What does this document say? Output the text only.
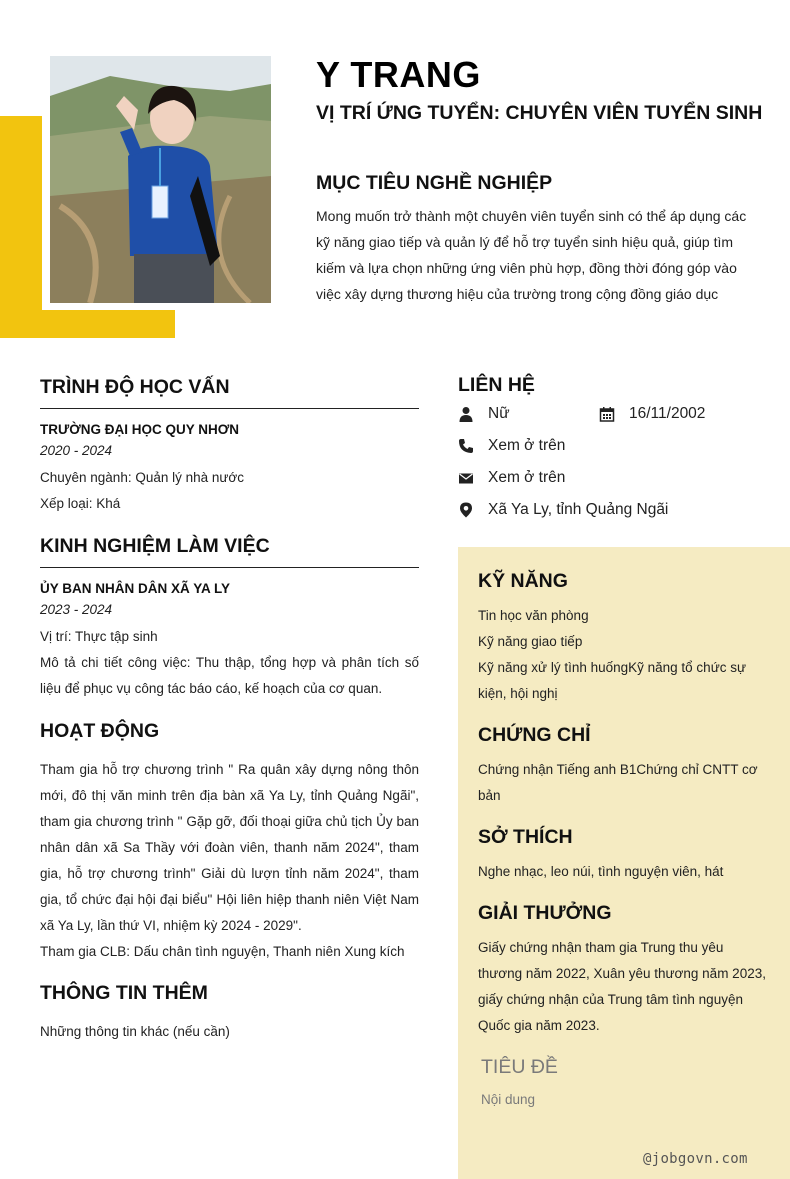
Y TRANG
VỊ TRÍ ỨNG TUYỂN: CHUYÊN VIÊN TUYỂN SINH
MỤC TIÊU NGHỀ NGHIỆP
Mong muốn trở thành một chuyên viên tuyển sinh có thể áp dụng các kỹ năng giao tiếp và quản lý để hỗ trợ tuyển sinh hiệu quả, giúp tìm kiếm và lựa chọn những ứng viên phù hợp, đồng thời đóng góp vào việc xây dựng thương hiệu của trường trong cộng đồng giáo dục
TRÌNH ĐỘ HỌC VẤN
TRƯỜNG ĐẠI HỌC QUY NHƠN
2020 - 2024
Chuyên ngành: Quản lý nhà nước
Xếp loại: Khá
KINH NGHIỆM LÀM VIỆC
ỦY BAN NHÂN DÂN XÃ YA LY
2023 - 2024
Vị trí: Thực tập sinh
Mô tả chi tiết công việc: Thu thập, tổng hợp và phân tích số liệu để phục vụ công tác báo cáo, kế hoạch của cơ quan.
HOẠT ĐỘNG
Tham gia hỗ trợ chương trình " Ra quân xây dựng nông thôn mới, đô thị văn minh trên địa bàn xã Ya Ly, tỉnh Quảng Ngãi", tham gia chương trình " Gặp gỡ, đối thoại giữa chủ tịch Ủy ban nhân dân xã Sa Thầy với đoàn viên, thanh năm 2024", tham gia, hỗ trợ chương trình" Giải dù lượn tỉnh năm 2024", tham gia, tổ chức đại hội đại biểu" Hội liên hiệp thanh niên Việt Nam xã Ya Ly, lần thứ VI, nhiệm kỳ 2024 - 2029".
Tham gia CLB: Dấu chân tình nguyện, Thanh niên Xung kích
THÔNG TIN THÊM
Những thông tin khác (nếu cần)
LIÊN HỆ
Nữ	16/11/2002
Xem ở trên
Xem ở trên
Xã Ya Ly, tỉnh Quảng Ngãi
KỸ NĂNG
Tin học văn phòng
Kỹ năng giao tiếp
Kỹ năng xử lý tình huốngKỹ năng tổ chức sự kiện, hội nghị
CHỨNG CHỈ
Chứng nhận Tiếng anh B1Chứng chỉ CNTT cơ bản
SỞ THÍCH
Nghe nhạc, leo núi, tình nguyện viên, hát
GIẢI THƯỞNG
Giấy chứng nhận tham gia Trung thu yêu thương năm 2022, Xuân yêu thương năm 2023, giấy chứng nhận của Trung tâm tình nguyện Quốc gia năm 2023.
TIÊU ĐỀ
Nội dung
@jobgovn.com
